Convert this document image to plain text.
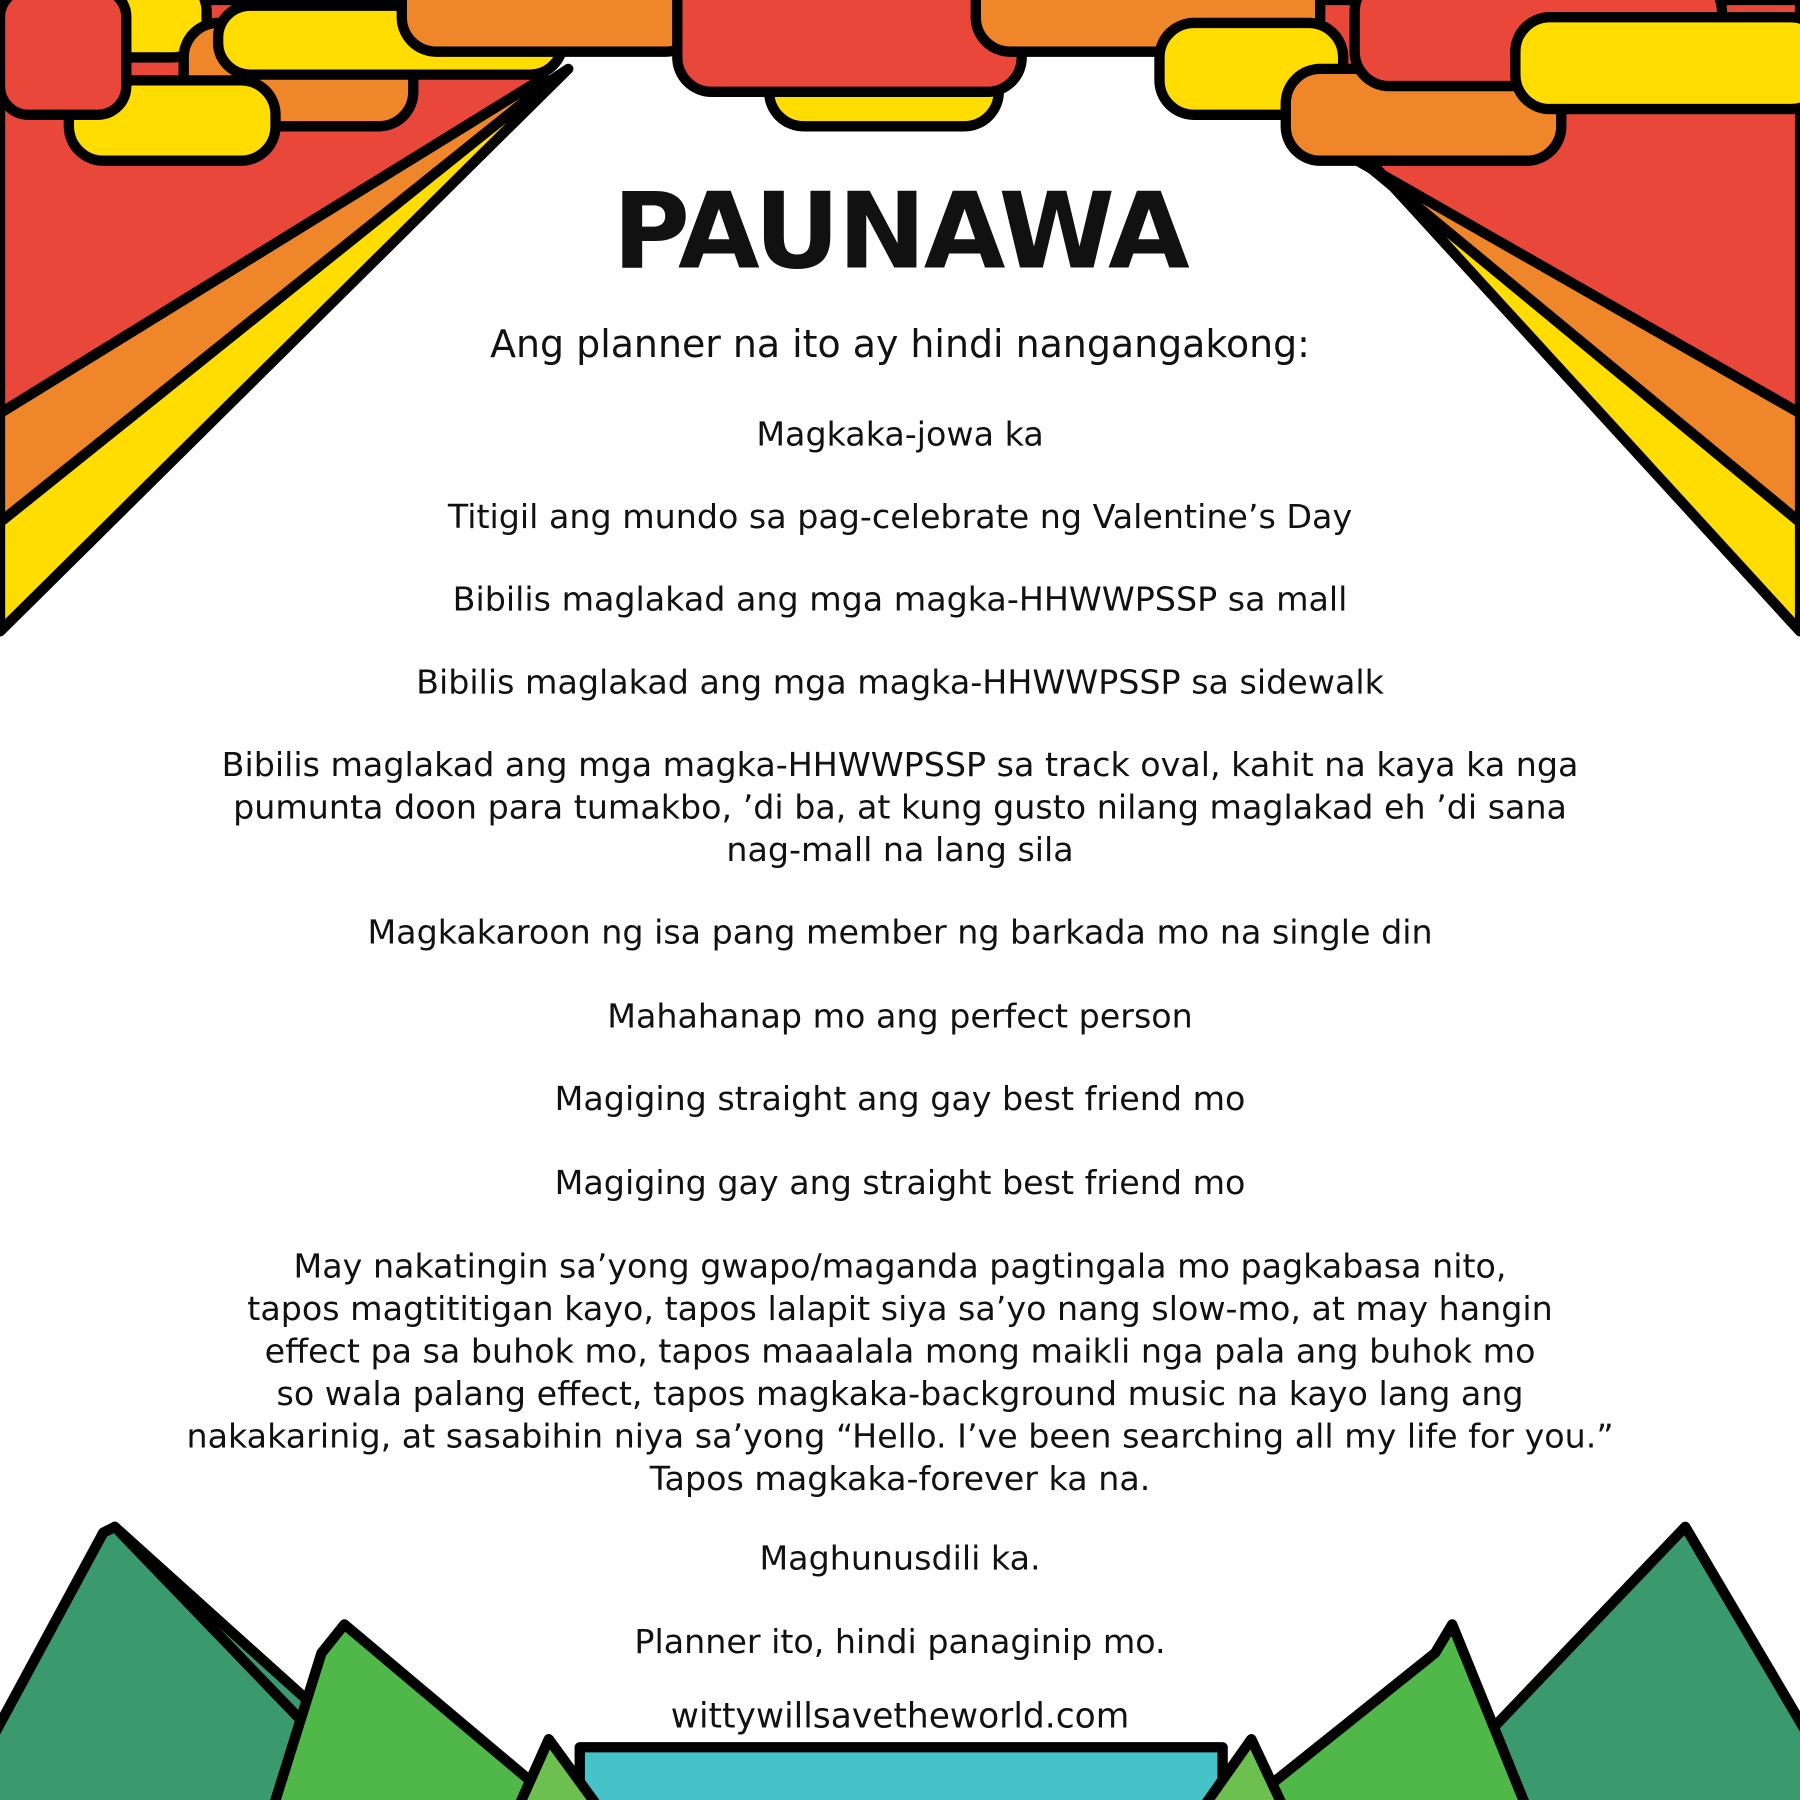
PAUNAWA
Ang planner na ito ay hindi nangangakong:
Magkaka-jowa ka
Titigil ang mundo sa pag-celebrate ng Valentine’s Day
Bibilis maglakad ang mga magka-HHWWPSSP sa mall
Bibilis maglakad ang mga magka-HHWWPSSP sa sidewalk
Bibilis maglakad ang mga magka-HHWWPSSP sa track oval, kahit na kaya ka nga
pumunta doon para tumakbo, ’di ba, at kung gusto nilang maglakad eh ’di sana
nag-mall na lang sila
Magkakaroon ng isa pang member ng barkada mo na single din
Mahahanap mo ang perfect person
Magiging straight ang gay best friend mo
Magiging gay ang straight best friend mo
May nakatingin sa’yong gwapo/maganda pagtingala mo pagkabasa nito,
tapos magtititigan kayo, tapos lalapit siya sa’yo nang slow-mo, at may hangin
effect pa sa buhok mo, tapos maaalala mong maikli nga pala ang buhok mo
so wala palang effect, tapos magkaka-background music na kayo lang ang
nakakarinig, at sasabihin niya sa’yong “Hello. I’ve been searching all my life for you.”
Tapos magkaka-forever ka na.
Maghunusdili ka.
Planner ito, hindi panaginip mo.
wittywillsavetheworld.com
